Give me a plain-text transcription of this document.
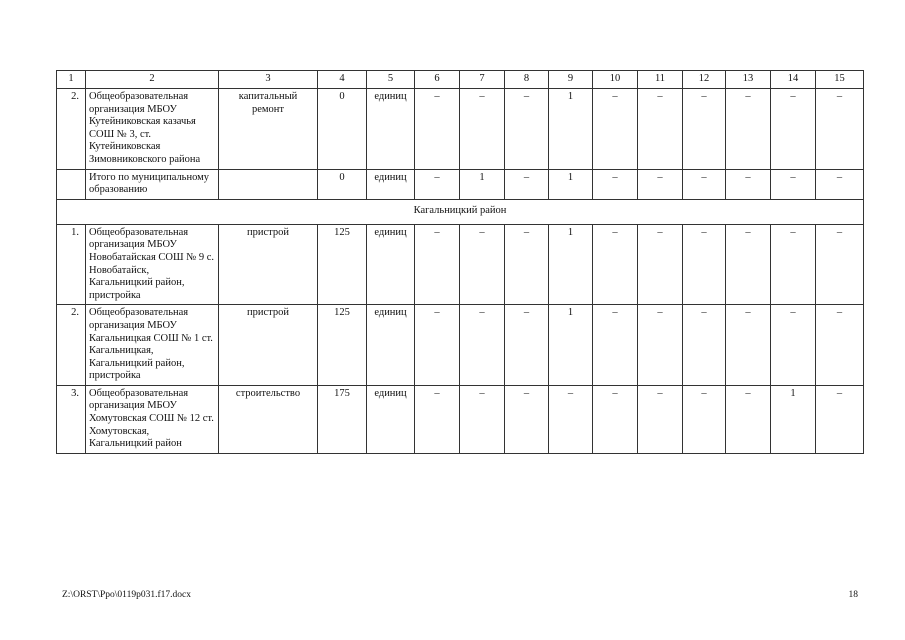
1	2	3	4	5	6	7	8	9	10	11	12	13	14	15
2.	Общеобразовательная организация МБОУ Кутейниковская казачья СОШ № 3, ст. Кутейниковская Зимовниковского района	капитальный ремонт	0	единиц	–	–	–	1	–	–	–	–	–	–
	Итого по муниципальному образованию		0	единиц	–	1	–	1	–	–	–	–	–	–
Кагальницкий район														
1.	Общеобразовательная организация МБОУ Новобатайская СОШ № 9 с. Новобатайск, Кагальницкий район, пристройка	пристрой	125	единиц	–	–	–	1	–	–	–	–	–	–
2.	Общеобразовательная организация МБОУ Кагальницкая СОШ № 1 ст. Кагальницкая, Кагальницкий район, пристройка	пристрой	125	единиц	–	–	–	1	–	–	–	–	–	–
3.	Общеобразовательная организация МБОУ Хомутовская СОШ № 12 ст. Хомутовская, Кагальницкий район	строительство	175	единиц	–	–	–	–	–	–	–	–	1	–
Z:\ORST\Ppo\0119p031.f17.docx	18
